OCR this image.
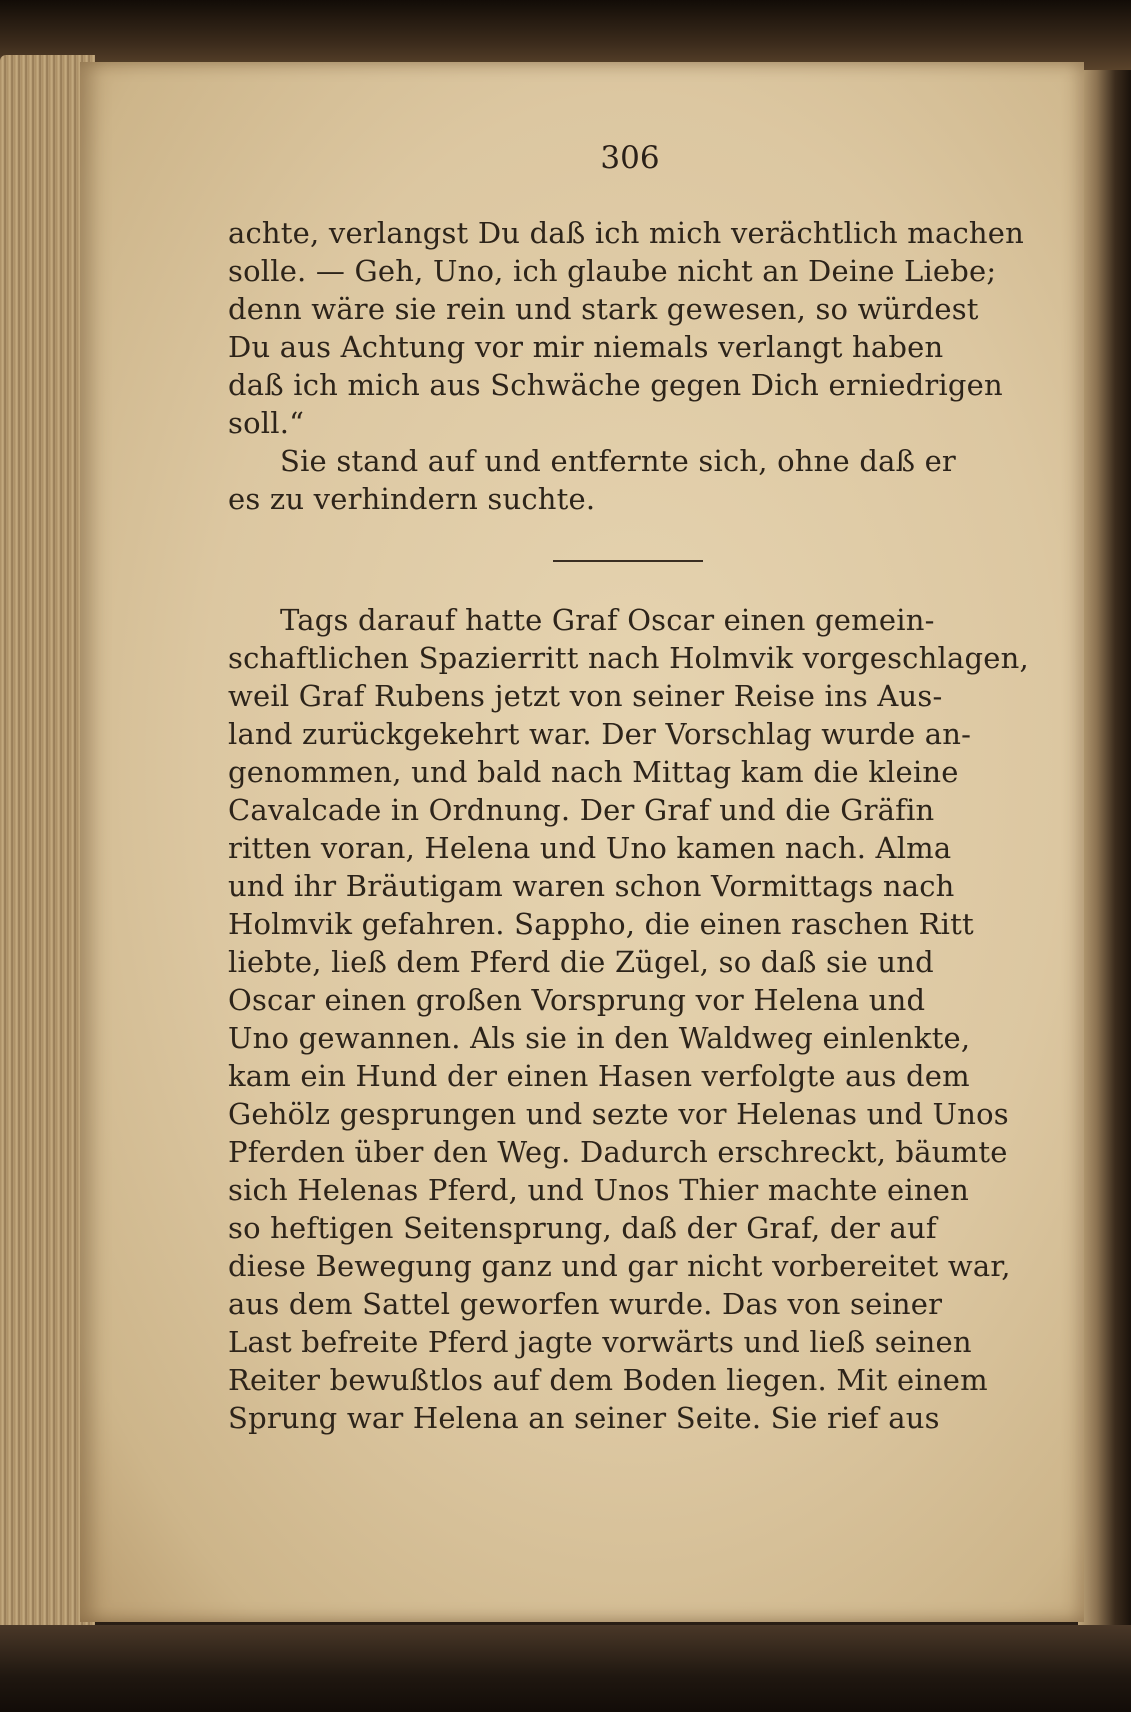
306
achte, verlangst Du daß ich mich verächtlich machen
solle. — Geh, Uno, ich glaube nicht an Deine Liebe;
denn wäre sie rein und stark gewesen, so würdest
Du aus Achtung vor mir niemals verlangt haben
daß ich mich aus Schwäche gegen Dich erniedrigen
soll.“
Sie stand auf und entfernte sich, ohne daß er
es zu verhindern suchte.
Tags darauf hatte Graf Oscar einen gemein-
schaftlichen Spazierritt nach Holmvik vorgeschlagen,
weil Graf Rubens jetzt von seiner Reise ins Aus-
land zurückgekehrt war. Der Vorschlag wurde an-
genommen, und bald nach Mittag kam die kleine
Cavalcade in Ordnung. Der Graf und die Gräfin
ritten voran, Helena und Uno kamen nach. Alma
und ihr Bräutigam waren schon Vormittags nach
Holmvik gefahren. Sappho, die einen raschen Ritt
liebte, ließ dem Pferd die Zügel, so daß sie und
Oscar einen großen Vorsprung vor Helena und
Uno gewannen. Als sie in den Waldweg einlenkte,
kam ein Hund der einen Hasen verfolgte aus dem
Gehölz gesprungen und sezte vor Helenas und Unos
Pferden über den Weg. Dadurch erschreckt, bäumte
sich Helenas Pferd, und Unos Thier machte einen
so heftigen Seitensprung, daß der Graf, der auf
diese Bewegung ganz und gar nicht vorbereitet war,
aus dem Sattel geworfen wurde. Das von seiner
Last befreite Pferd jagte vorwärts und ließ seinen
Reiter bewußtlos auf dem Boden liegen. Mit einem
Sprung war Helena an seiner Seite. Sie rief aus
